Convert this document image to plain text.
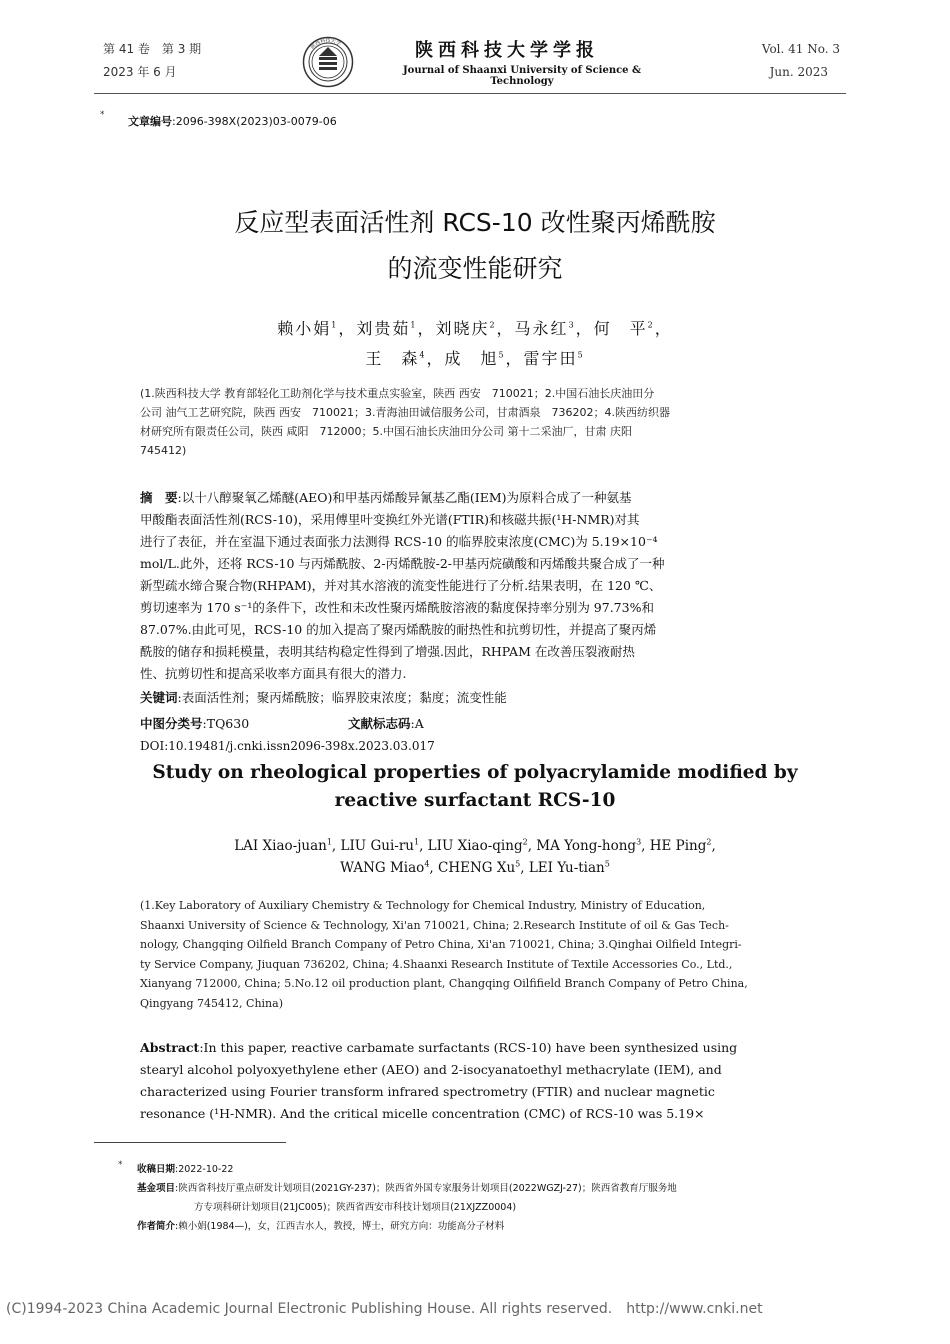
第 41 卷　第 3 期
2023 年 6 月
陕西科技大学	陕西科技大学学报
Journal of Shaanxi University of Science & Technology
Vol. 41 No. 3
Jun. 2023
* 文章编号:2096-398X(2023)03-0079-06
反应型表面活性剂 RCS-10 改性聚丙烯酰胺
的流变性能研究
赖小娟$^1$，刘贵茹$^1$，刘晓庆$^2$，马永红$^3$，何　平$^2$，
王　森$^4$，成　旭$^5$，雷宇田$^5$
(1.陕西科技大学 教育部轻化工助剂化学与技术重点实验室，陕西 西安　710021；2.中国石油长庆油田分
公司 油气工艺研究院，陕西 西安　710021；3.青海油田诚信服务公司，甘肃酒泉　736202；4.陕西纺织器
材研究所有限责任公司，陕西 咸阳　712000；5.中国石油长庆油田分公司 第十二采油厂，甘肃 庆阳
745412)
摘　要:以十八醇聚氧乙烯醚(AEO)和甲基丙烯酸异氰基乙酯(IEM)为原料合成了一种氨基
甲酸酯表面活性剂(RCS-10)，采用傅里叶变换红外光谱(FTIR)和核磁共振(¹H-NMR)对其
进行了表征，并在室温下通过表面张力法测得 RCS-10 的临界胶束浓度(CMC)为 5.19×10⁻⁴
mol/L.此外，还将 RCS-10 与丙烯酰胺、2-丙烯酰胺-2-甲基丙烷磺酸和丙烯酸共聚合成了一种
新型疏水缔合聚合物(RHPAM)，并对其水溶液的流变性能进行了分析.结果表明，在 120 ℃、
剪切速率为 170 s⁻¹的条件下，改性和未改性聚丙烯酰胺溶液的黏度保持率分别为 97.73%和
87.07%.由此可见，RCS-10 的加入提高了聚丙烯酰胺的耐热性和抗剪切性，并提高了聚丙烯
酰胺的储存和损耗模量，表明其结构稳定性得到了增强.因此，RHPAM 在改善压裂液耐热
性、抗剪切性和提高采收率方面具有很大的潜力.
关键词:表面活性剂；聚丙烯酰胺；临界胶束浓度；黏度；流变性能
中图分类号:TQ630	文献标志码:A
DOI:10.19481/j.cnki.issn2096-398x.2023.03.017
Study on rheological properties of polyacrylamide modified by
reactive surfactant RCS-10
LAI Xiao-juan$^1$, LIU Gui-$ru^1$, LIU Xiao-qing$^2$, MA Yong-hong$^3$, HE Ping$^2$,
WANG Miao$^4$, CHENG Xu$^5$, LEI Yu-tian$^5$
(1.Key Laboratory of Auxiliary Chemistry & Technology for Chemical Industry, Ministry of Education,
Shaanxi University of Science & Technology, Xi'an 710021, China; 2.Research Institute of oil & Gas Tech-
nology, Changqing Oilfield Branch Company of Petro China, Xi'an 710021, China; 3.Qinghai Oilfield Integri-
ty Service Company, Jiuquan 736202, China; 4.Shaanxi Research Institute of Textile Accessories Co., Ltd.,
Xianyang 712000, China; 5.No.12 oil production plant, Changqing Oilfifield Branch Company of Petro China,
Qingyang 745412, China)
Abstract:In this paper, reactive carbamate surfactants (RCS-10) have been synthesized using
stearyl alcohol polyoxyethylene ether (AEO) and 2-isocyanatoethyl methacrylate (IEM), and
characterized using Fourier transform infrared spectrometry (FTIR) and nuclear magnetic
resonance (¹H-NMR). And the critical micelle concentration (CMC) of RCS-10 was 5.19×
* 收稿日期:2022-10-22
基金项目:陕西省科技厅重点研发计划项目(2021GY-237)；陕西省外国专家服务计划项目(2022WGZJ-27)；陕西省教育厅服务地
方专项科研计划项目(21JC005)；陕西省西安市科技计划项目(21XJZZ0004)
作者简介:赖小娟(1984—)，女，江西吉水人，教授，博士，研究方向：功能高分子材料
(C)1994-2023 China Academic Journal Electronic Publishing House. All rights reserved.　http://www.cnki.net
